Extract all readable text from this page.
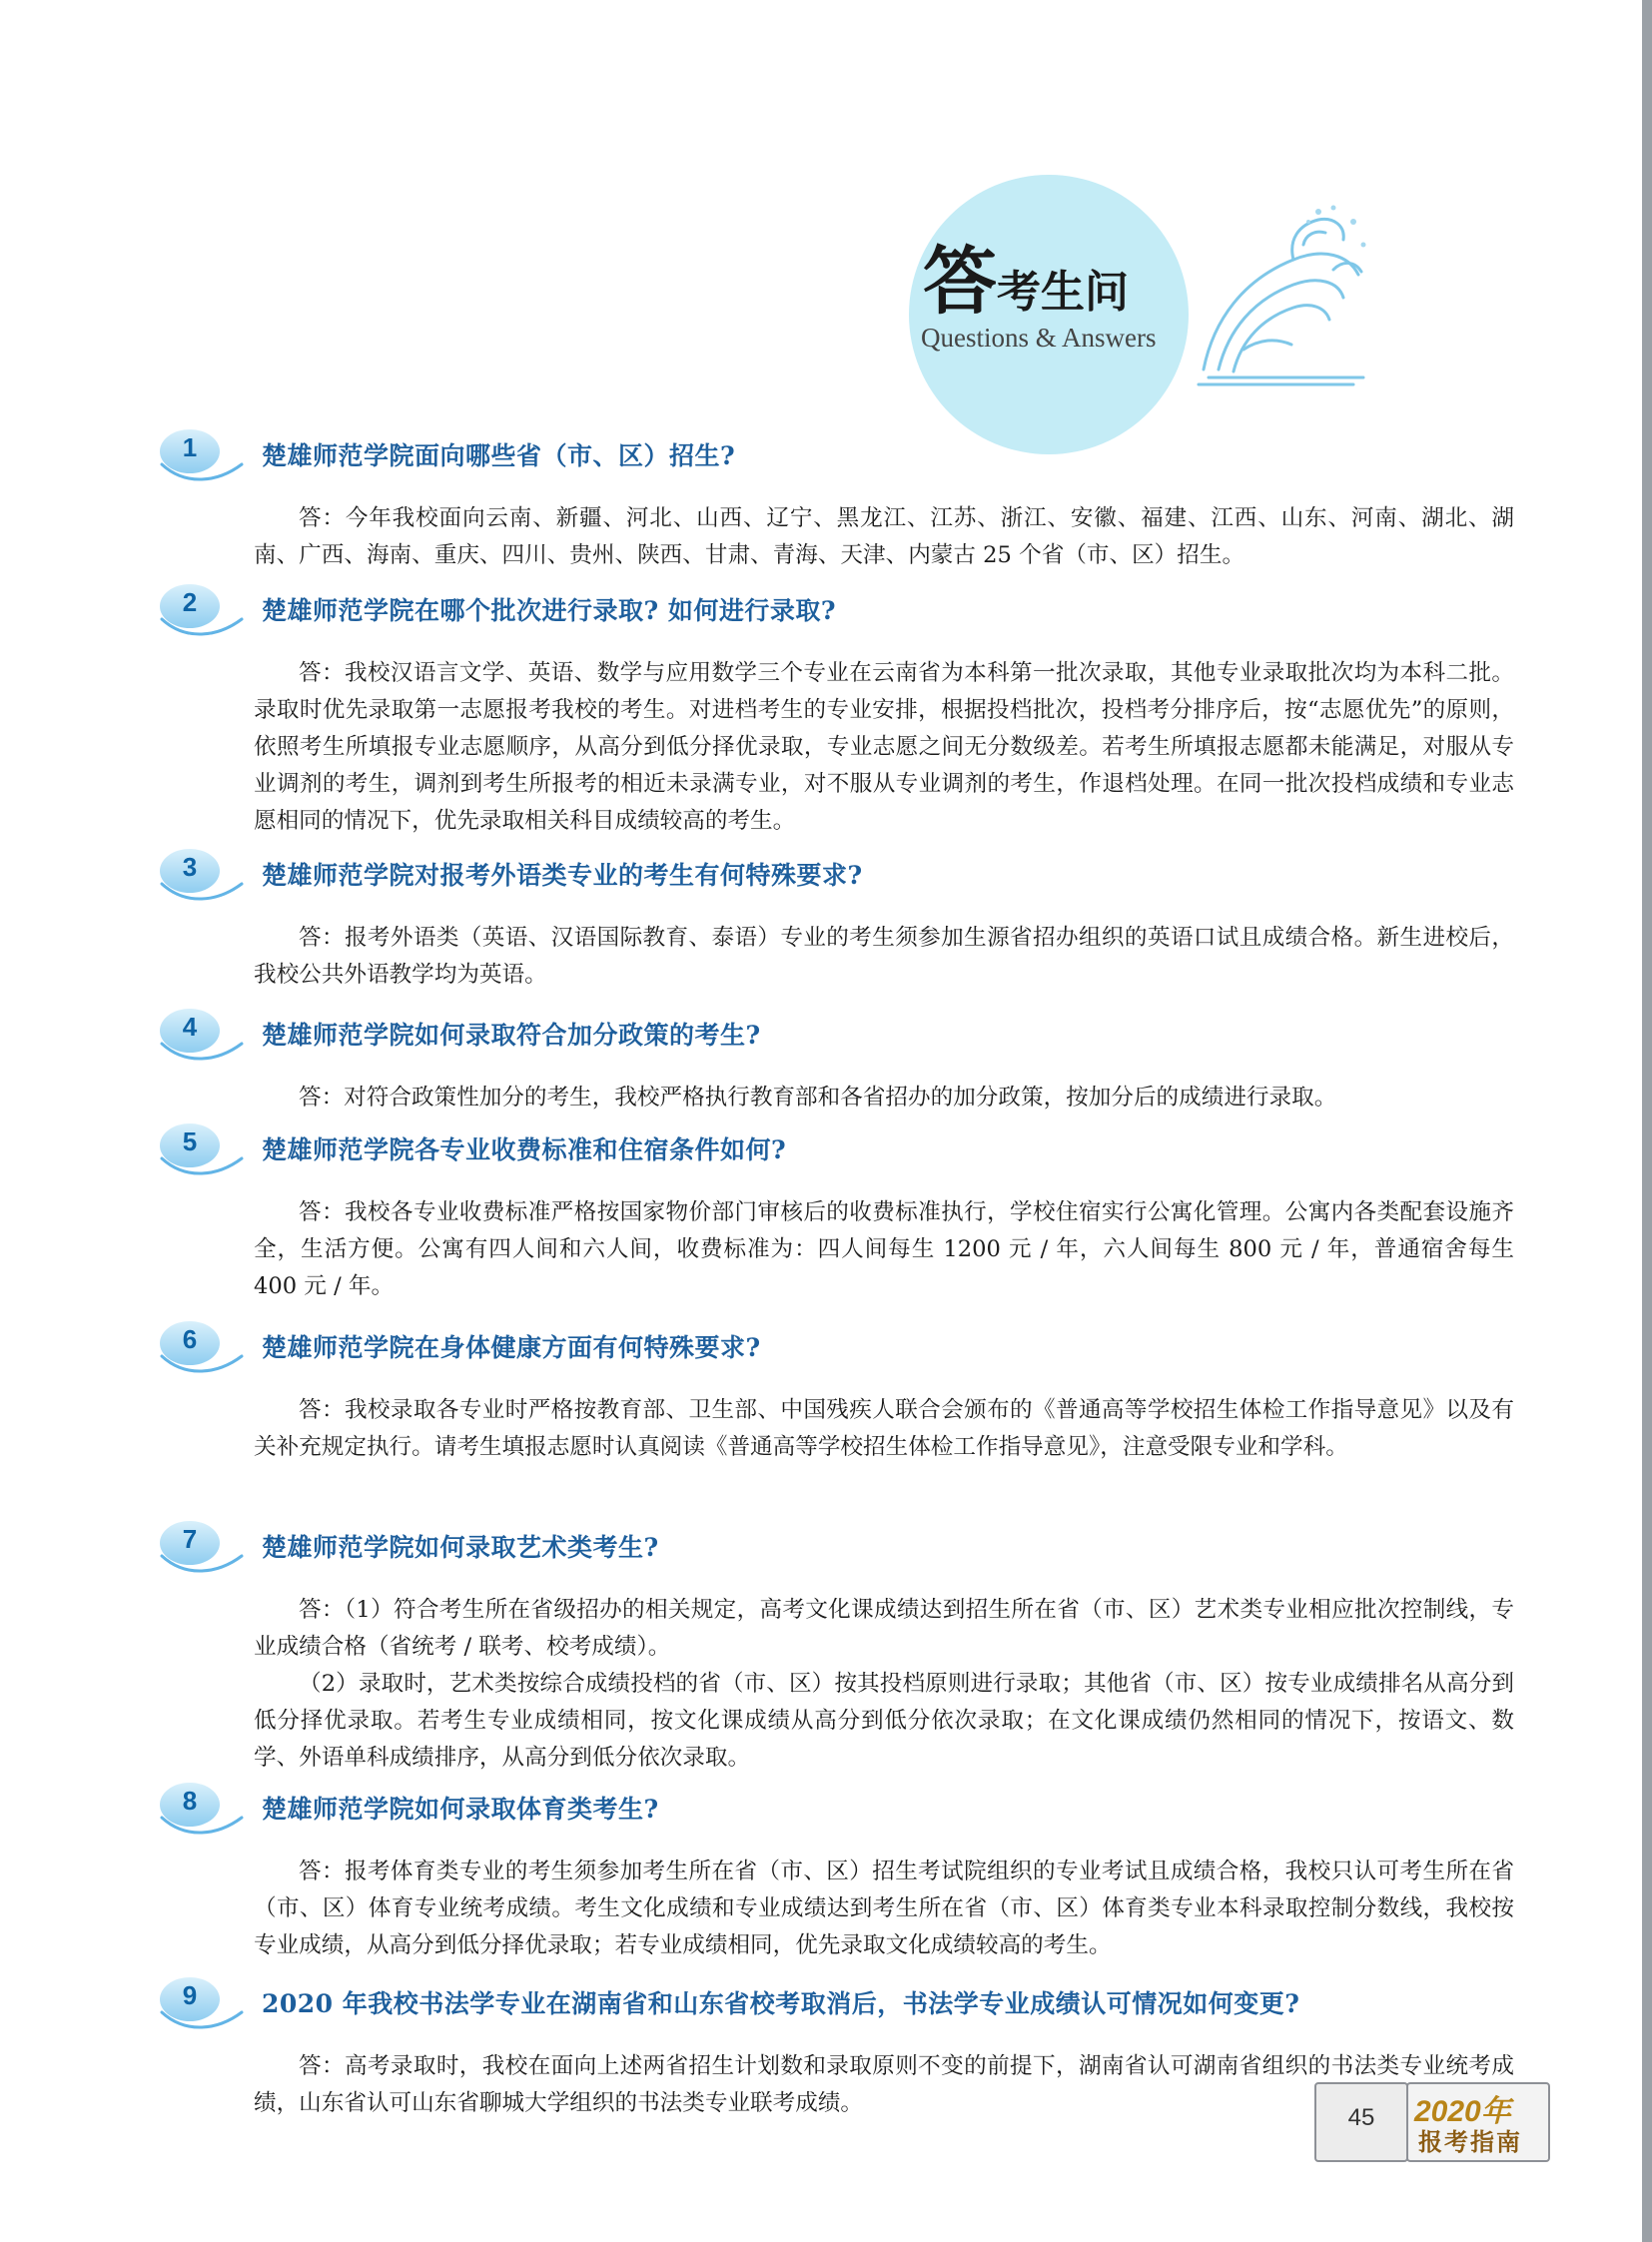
答考生问
Questions & Answers
1	楚雄师范学院面向哪些省（市、区）招生?

答：今年我校面向云南、新疆、河北、山西、辽宁、黑龙江、江苏、浙江、安徽、福建、江西、山东、河南、湖北、湖南、广西、海南、重庆、四川、贵州、陕西、甘肃、青海、天津、内蒙古 25 个省（市、区）招生。

2	楚雄师范学院在哪个批次进行录取? 如何进行录取?

答：我校汉语言文学、英语、数学与应用数学三个专业在云南省为本科第一批次录取，其他专业录取批次均为本科二批。录取时优先录取第一志愿报考我校的考生。对进档考生的专业安排，根据投档批次，投档考分排序后，按“志愿优先”的原则，依照考生所填报专业志愿顺序，从高分到低分择优录取，专业志愿之间无分数级差。若考生所填报志愿都未能满足，对服从专业调剂的考生，调剂到考生所报考的相近未录满专业，对不服从专业调剂的考生，作退档处理。在同一批次投档成绩和专业志愿相同的情况下，优先录取相关科目成绩较高的考生。

3	楚雄师范学院对报考外语类专业的考生有何特殊要求?

答：报考外语类（英语、汉语国际教育、泰语）专业的考生须参加生源省招办组织的英语口试且成绩合格。新生进校后，我校公共外语教学均为英语。

4	楚雄师范学院如何录取符合加分政策的考生?

答：对符合政策性加分的考生，我校严格执行教育部和各省招办的加分政策，按加分后的成绩进行录取。

5	楚雄师范学院各专业收费标准和住宿条件如何?

答：我校各专业收费标准严格按国家物价部门审核后的收费标准执行，学校住宿实行公寓化管理。公寓内各类配套设施齐全，生活方便。公寓有四人间和六人间，收费标准为：四人间每生 1200 元 / 年，六人间每生 800 元 / 年，普通宿舍每生 400 元 / 年。

6	楚雄师范学院在身体健康方面有何特殊要求?

答：我校录取各专业时严格按教育部、卫生部、中国残疾人联合会颁布的《普通高等学校招生体检工作指导意见》以及有关补充规定执行。请考生填报志愿时认真阅读《普通高等学校招生体检工作指导意见》，注意受限专业和学科。

7	楚雄师范学院如何录取艺术类考生?

答：（1）符合考生所在省级招办的相关规定，高考文化课成绩达到招生所在省（市、区）艺术类专业相应批次控制线，专业成绩合格（省统考 / 联考、校考成绩）。

（2）录取时，艺术类按综合成绩投档的省（市、区）按其投档原则进行录取；其他省（市、区）按专业成绩排名从高分到低分择优录取。若考生专业成绩相同，按文化课成绩从高分到低分依次录取；在文化课成绩仍然相同的情况下，按语文、数学、外语单科成绩排序，从高分到低分依次录取。

8	楚雄师范学院如何录取体育类考生?

答：报考体育类专业的考生须参加考生所在省（市、区）招生考试院组织的专业考试且成绩合格，我校只认可考生所在省（市、区）体育专业统考成绩。考生文化成绩和专业成绩达到考生所在省（市、区）体育类专业本科录取控制分数线，我校按专业成绩，从高分到低分择优录取；若专业成绩相同，优先录取文化成绩较高的考生。

9	2020 年我校书法学专业在湖南省和山东省校考取消后，书法学专业成绩认可情况如何变更?

答：高考录取时，我校在面向上述两省招生计划数和录取原则不变的前提下，湖南省认可湖南省组织的书法类专业统考成绩，山东省认可山东省聊城大学组织的书法类专业联考成绩。

45	2020年
报考指南
